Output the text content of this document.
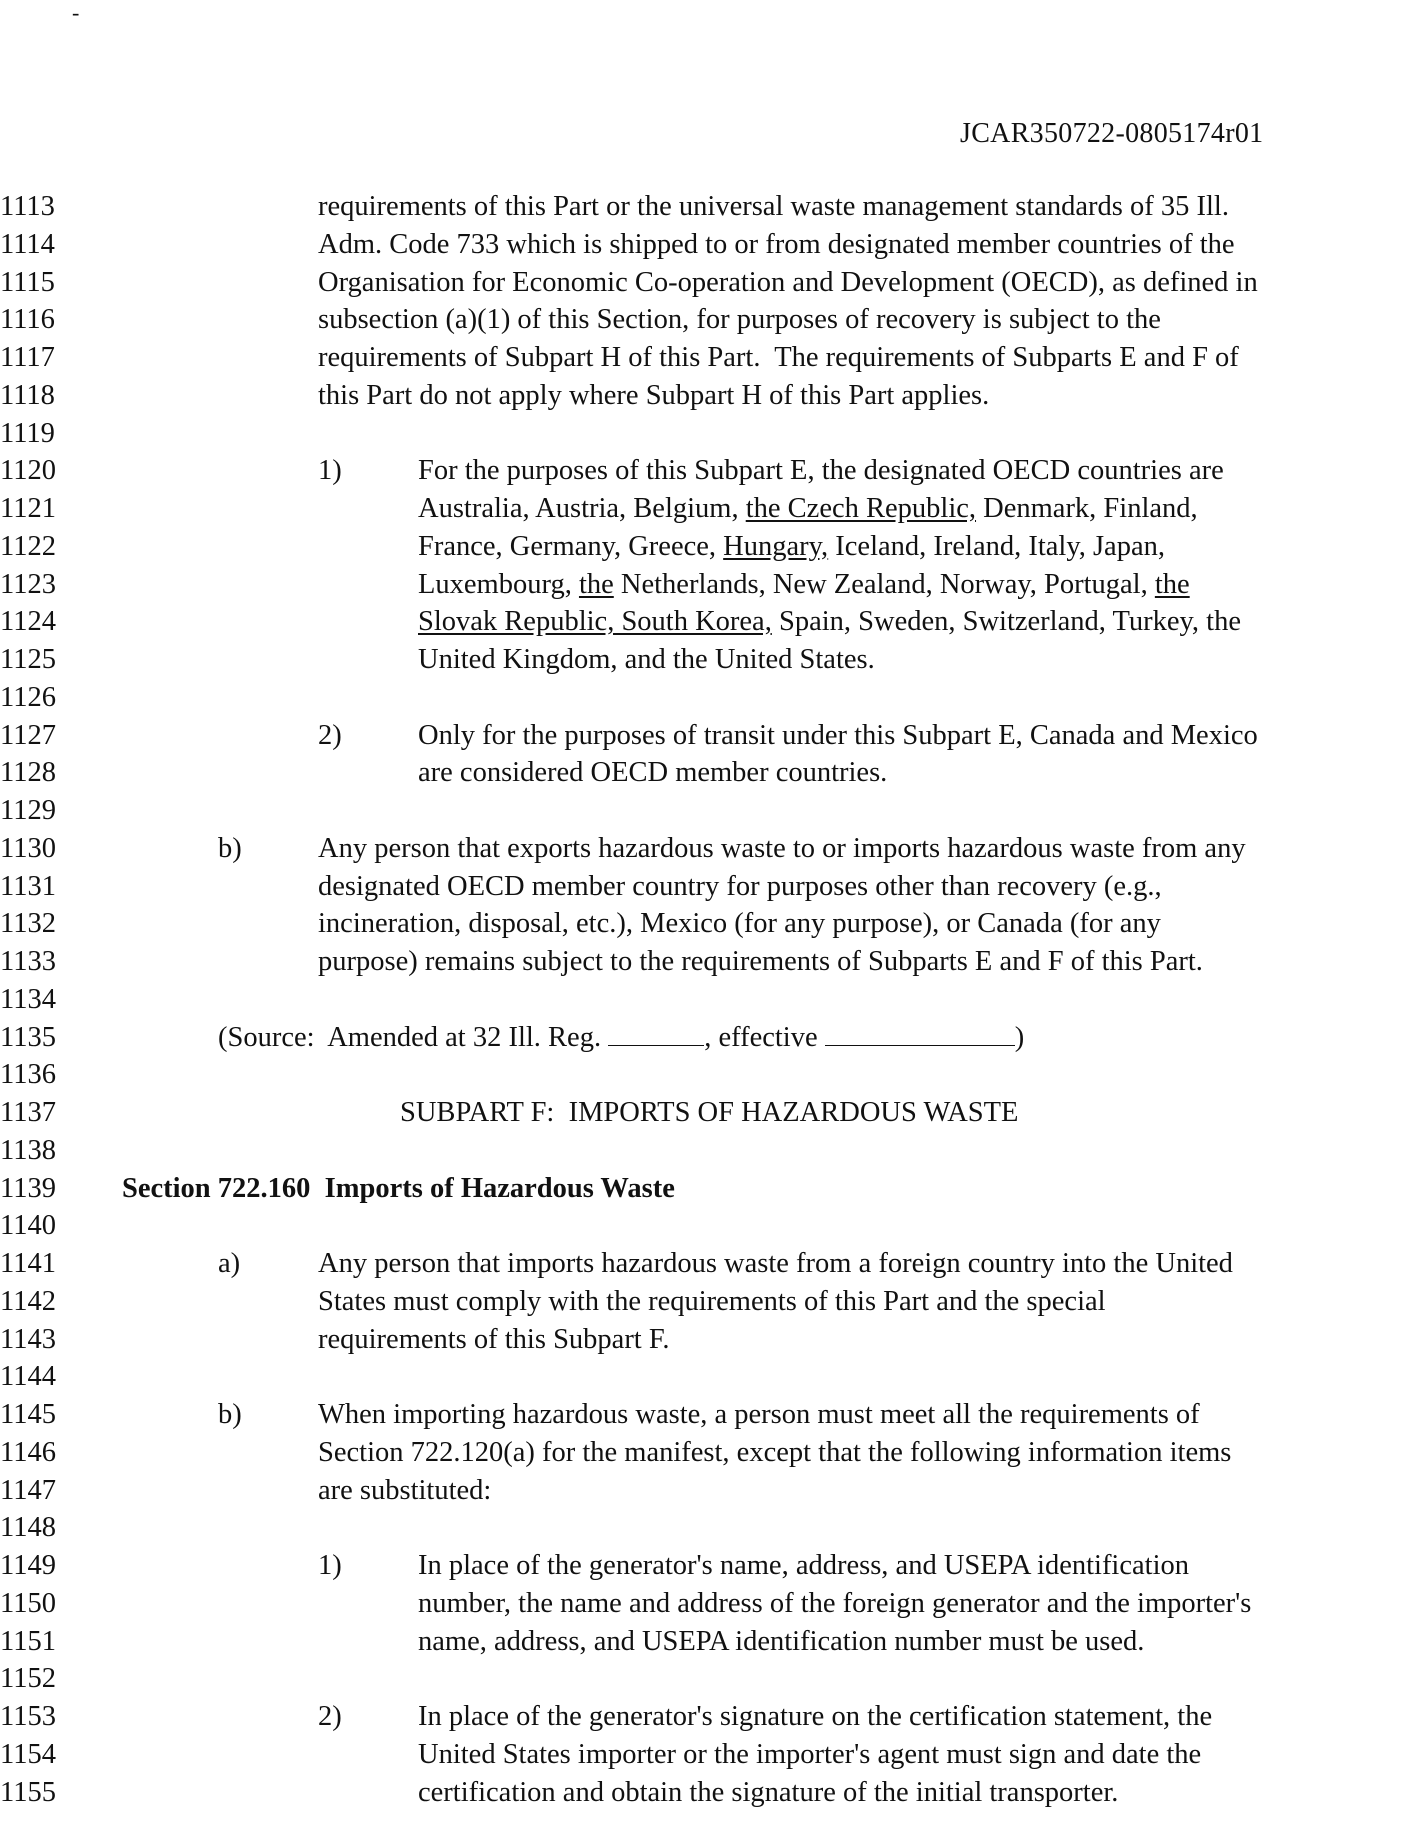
-
JCAR350722-0805174r01
1113	requirements of this Part or the universal waste management standards of 35 Ill.
1114	Adm. Code 733 which is shipped to or from designated member countries of the
1115	Organisation for Economic Co-operation and Development (OECD), as defined in
1116	subsection (a)(1) of this Section, for purposes of recovery is subject to the
1117	requirements of Subpart H of this Part.  The requirements of Subparts E and F of
1118	this Part do not apply where Subpart H of this Part applies.
1119
1120	1)	For the purposes of this Subpart E, the designated OECD countries are
1121	Australia, Austria, Belgium, the Czech Republic, Denmark, Finland,
1122	France, Germany, Greece, Hungary, Iceland, Ireland, Italy, Japan,
1123	Luxembourg, the Netherlands, New Zealand, Norway, Portugal, the
1124	Slovak Republic, South Korea, Spain, Sweden, Switzerland, Turkey, the
1125	United Kingdom, and the United States.
1126
1127	2)	Only for the purposes of transit under this Subpart E, Canada and Mexico
1128	are considered OECD member countries.
1129
1130	b)	Any person that exports hazardous waste to or imports hazardous waste from any
1131	designated OECD member country for purposes other than recovery (e.g.,
1132	incineration, disposal, etc.), Mexico (for any purpose), or Canada (for any
1133	purpose) remains subject to the requirements of Subparts E and F of this Part.
1134
1135	(Source:  Amended at 32 Ill. Reg.	, effective	)
1136
1137	SUBPART F:  IMPORTS OF HAZARDOUS WASTE
1138
1139	Section 722.160  Imports of Hazardous Waste
1140
1141	a)	Any person that imports hazardous waste from a foreign country into the United
1142	States must comply with the requirements of this Part and the special
1143	requirements of this Subpart F.
1144
1145	b)	When importing hazardous waste, a person must meet all the requirements of
1146	Section 722.120(a) for the manifest, except that the following information items
1147	are substituted:
1148
1149	1)	In place of the generator's name, address, and USEPA identification
1150	number, the name and address of the foreign generator and the importer's
1151	name, address, and USEPA identification number must be used.
1152
1153	2)	In place of the generator's signature on the certification statement, the
1154	United States importer or the importer's agent must sign and date the
1155	certification and obtain the signature of the initial transporter.
